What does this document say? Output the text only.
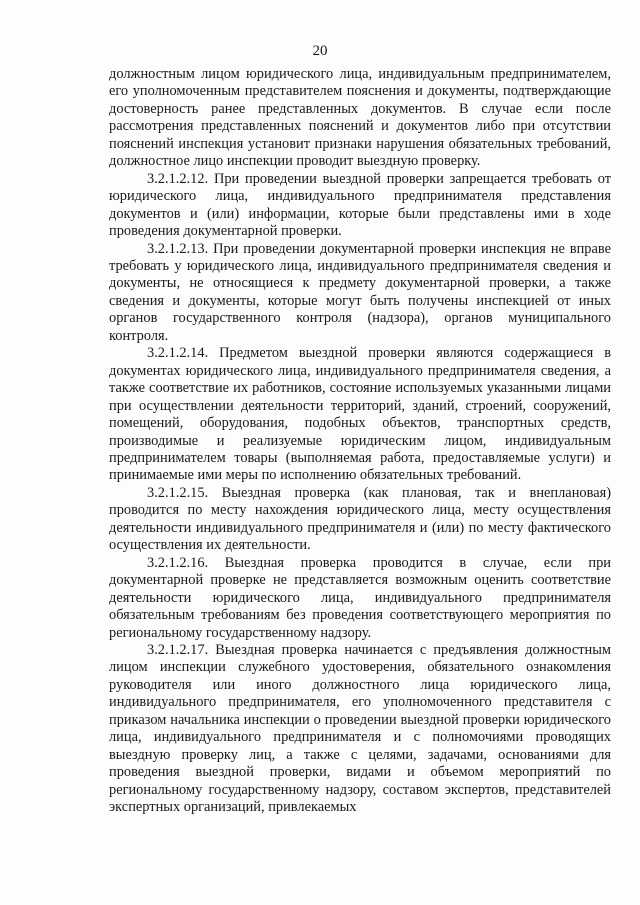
20

должностным лицом юридического лица, индивидуальным предпринимателем, его уполномоченным представителем пояснения и документы, подтверждающие достоверность ранее представленных документов. В случае если после рассмотрения представленных пояснений и документов либо при отсутствии пояснений инспекция установит признаки нарушения обязательных требований, должностное лицо инспекции проводит выездную проверку.

3.2.1.2.12. При проведении выездной проверки запрещается требовать от юридического лица, индивидуального предпринимателя представления документов и (или) информации, которые были представлены ими в ходе проведения документарной проверки.

3.2.1.2.13. При проведении документарной проверки инспекция не вправе требовать у юридического лица, индивидуального предпринимателя сведения и документы, не относящиеся к предмету документарной проверки, а также сведения и документы, которые могут быть получены инспекцией от иных органов государственного контроля (надзора), органов муниципального контроля.

3.2.1.2.14. Предметом выездной проверки являются содержащиеся в документах юридического лица, индивидуального предпринимателя сведения, а также соответствие их работников, состояние используемых указанными лицами при осуществлении деятельности территорий, зданий, строений, сооружений, помещений, оборудования, подобных объектов, транспортных средств, производимые и реализуемые юридическим лицом, индивидуальным предпринимателем товары (выполняемая работа, предоставляемые услуги) и принимаемые ими меры по исполнению обязательных требований.

3.2.1.2.15. Выездная проверка (как плановая, так и внеплановая) проводится по месту нахождения юридического лица, месту осуществления деятельности индивидуального предпринимателя и (или) по месту фактического осуществления их деятельности.

3.2.1.2.16. Выездная проверка проводится в случае, если при документарной проверке не представляется возможным оценить соответствие деятельности юридического лица, индивидуального предпринимателя обязательным требованиям без проведения соответствующего мероприятия по региональному государственному надзору.

3.2.1.2.17. Выездная проверка начинается с предъявления должностным лицом инспекции служебного удостоверения, обязательного ознакомления руководителя или иного должностного лица юридического лица, индивидуального предпринимателя, его уполномоченного представителя с приказом начальника инспекции о проведении выездной проверки юридического лица, индивидуального предпринимателя и с полномочиями проводящих выездную проверку лиц, а также с целями, задачами, основаниями для проведения выездной проверки, видами и объемом мероприятий по региональному государственному надзору, составом экспертов, представителей экспертных организаций, привлекаемых
